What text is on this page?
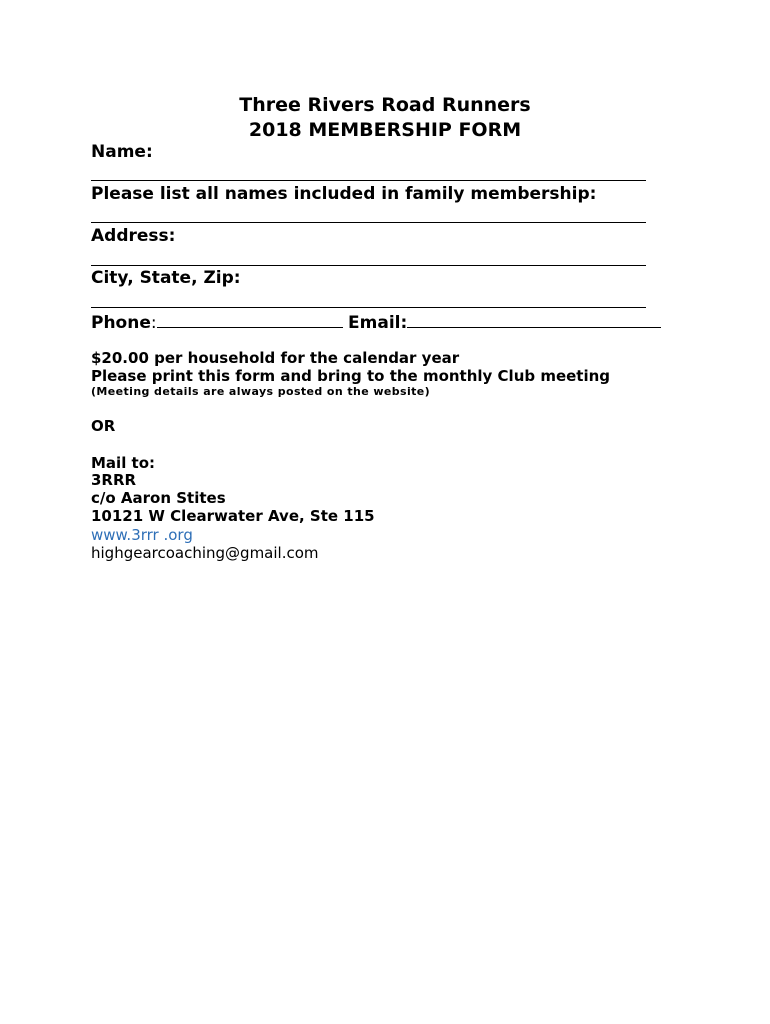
Three Rivers Road Runners
2018 MEMBERSHIP FORM
Name:
Please list all names included in family membership:
Address:
City, State, Zip:
Phone:	Email:
$20.00 per household for the calendar year
Please print this form and bring to the monthly Club meeting
(Meeting details are always posted on the website)
OR
Mail to:
3RRR
c/o Aaron Stites
10121 W Clearwater Ave, Ste 115
www.3rrr .org
highgearcoaching@gmail.com
